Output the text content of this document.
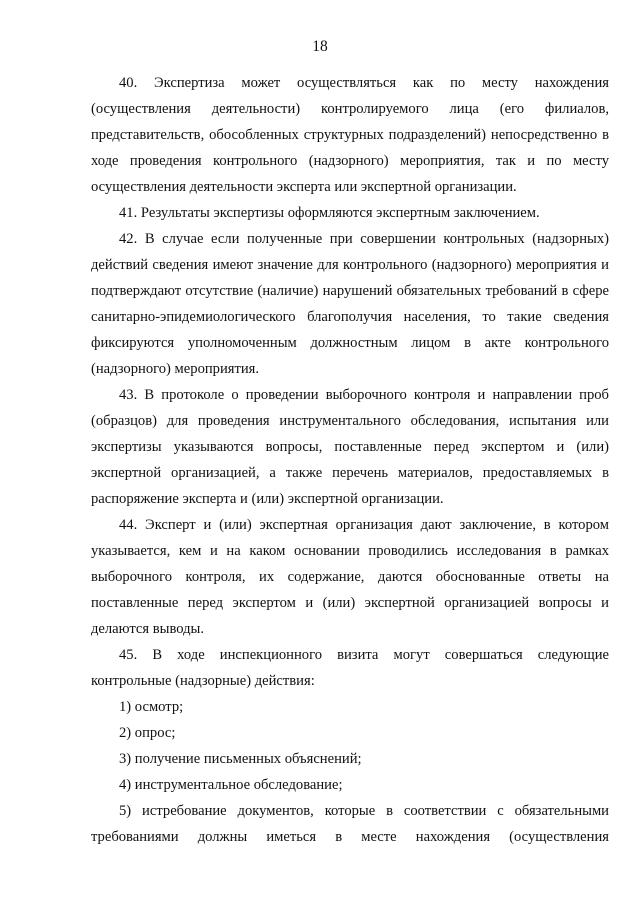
18

40. Экспертиза может осуществляться как по месту нахождения (осуществления деятельности) контролируемого лица (его филиалов, представительств, обособленных структурных подразделений) непосредственно в ходе проведения контрольного (надзорного) мероприятия, так и по месту осуществления деятельности эксперта или экспертной организации.

41. Результаты экспертизы оформляются экспертным заключением.

42. В случае если полученные при совершении контрольных (надзорных) действий сведения имеют значение для контрольного (надзорного) мероприятия и подтверждают отсутствие (наличие) нарушений обязательных требований в сфере санитарно-эпидемиологического благополучия населения, то такие сведения фиксируются уполномоченным должностным лицом в акте контрольного (надзорного) мероприятия.

43. В протоколе о проведении выборочного контроля и направлении проб (образцов) для проведения инструментального обследования, испытания или экспертизы указываются вопросы, поставленные перед экспертом и (или) экспертной организацией, а также перечень материалов, предоставляемых в распоряжение эксперта и (или) экспертной организации.

44. Эксперт и (или) экспертная организация дают заключение, в котором указывается, кем и на каком основании проводились исследования в рамках выборочного контроля, их содержание, даются обоснованные ответы на поставленные перед экспертом и (или) экспертной организацией вопросы и делаются выводы.

45. В ходе инспекционного визита могут совершаться следующие контрольные (надзорные) действия:

1) осмотр;

2) опрос;

3) получение письменных объяснений;

4) инструментальное обследование;

5) истребование документов, которые в соответствии с обязательными требованиями должны иметься в месте нахождения (осуществления
